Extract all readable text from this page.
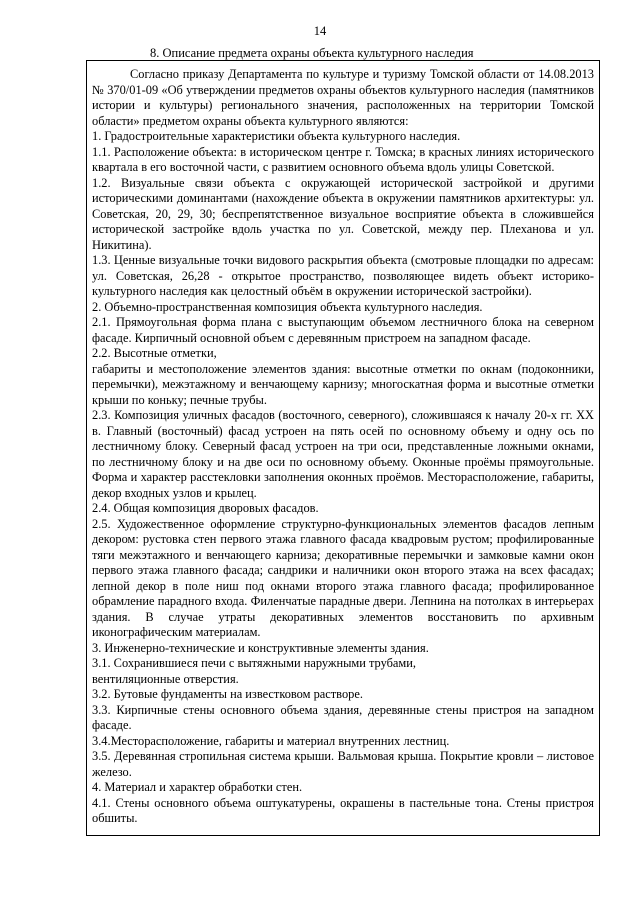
14
8. Описание предмета охраны объекта культурного наследия

Согласно приказу Департамента по культуре и туризму Томской области от 14.08.2013 № 370/01-09 «Об утверждении предметов охраны объектов культурного наследия (памятников истории и культуры) регионального значения, расположенных на территории Томской области» предметом охраны объекта культурного являются:

1. Градостроительные характеристики объекта культурного наследия.

1.1. Расположение объекта: в историческом центре г. Томска; в красных линиях исторического квартала в его восточной части, с развитием основного объема вдоль улицы Советской.

1.2. Визуальные связи объекта с окружающей исторической застройкой и другими историческими доминантами (нахождение объекта в окружении памятников архитектуры: ул. Советская, 20, 29, 30; беспрепятственное визуальное восприятие объекта в сложившейся исторической застройке вдоль участка по ул. Советской, между пер. Плеханова и ул. Никитина).

1.3. Ценные визуальные точки видового раскрытия объекта (смотровые площадки по адресам: ул. Советская, 26,28 - открытое пространство, позволяющее видеть объект историко-культурного наследия как целостный объём в окружении исторической застройки).

2. Объемно-пространственная композиция объекта культурного наследия.

2.1. Прямоугольная форма плана с выступающим объемом лестничного блока на северном фасаде. Кирпичный основной объем с деревянным пристроем на западном фасаде.

2.2. Высотные отметки,

габариты и местоположение элементов здания: высотные отметки по окнам (подоконники, перемычки), межэтажному и венчающему карнизу; многоскатная форма и высотные отметки крыши по коньку; печные трубы.

2.3. Композиция уличных фасадов (восточного, северного), сложившаяся к началу 20-х гг. XX в. Главный (восточный) фасад устроен на пять осей по основному объему и одну ось по лестничному блоку. Северный фасад устроен на три оси, представленные ложными окнами, по лестничному блоку и на две оси по основному объему. Оконные проёмы прямоугольные. Форма и характер расстекловки заполнения оконных проёмов. Месторасположение, габариты, декор входных узлов и крылец.

2.4. Общая композиция дворовых фасадов.

2.5. Художественное оформление структурно-функциональных элементов фасадов лепным декором: рустовка стен первого этажа главного фасада квадровым рустом; профилированные тяги межэтажного и венчающего карниза; декоративные перемычки и замковые камни окон первого этажа главного фасада; сандрики и наличники окон второго этажа на всех фасадах; лепной декор в поле ниш под окнами второго этажа главного фасада; профилированное обрамление парадного входа. Филенчатые парадные двери. Лепнина на потолках в интерьерах здания. В случае утраты декоративных элементов восстановить по архивным иконографическим материалам.

3. Инженерно-технические и конструктивные элементы здания.

3.1. Сохранившиеся печи с вытяжными наружными трубами,

вентиляционные отверстия.

3.2. Бутовые фундаменты на известковом растворе.

3.3. Кирпичные стены основного объема здания, деревянные стены пристроя на западном фасаде.

3.4.Месторасположение, габариты и материал внутренних лестниц.

3.5. Деревянная стропильная система крыши. Вальмовая крыша. Покрытие кровли – листовое железо.

4. Материал и характер обработки стен.

4.1. Стены основного объема оштукатурены, окрашены в пастельные тона. Стены пристроя обшиты.
